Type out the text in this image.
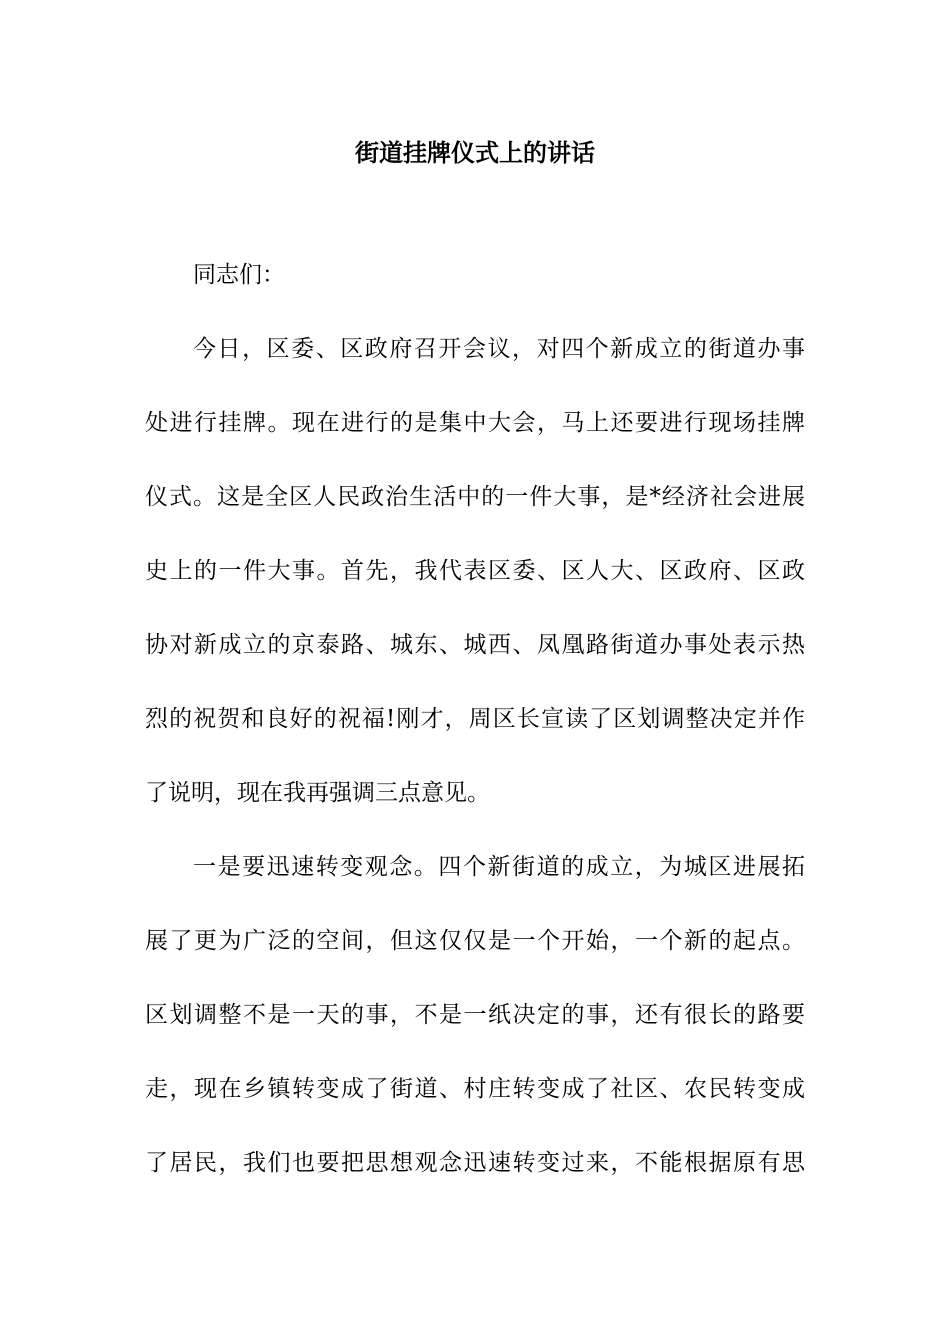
街道挂牌仪式上的讲话
同志们：
今日，区委、区政府召开会议，对四个新成立的街道办事
处进行挂牌。现在进行的是集中大会，马上还要进行现场挂牌
仪式。这是全区人民政治生活中的一件大事，是*经济社会进展
史上的一件大事。首先，我代表区委、区人大、区政府、区政
协对新成立的京泰路、城东、城西、凤凰路街道办事处表示热
烈的祝贺和良好的祝福!刚才，周区长宣读了区划调整决定并作
了说明，现在我再强调三点意见。
一是要迅速转变观念。四个新街道的成立，为城区进展拓
展了更为广泛的空间，但这仅仅是一个开始，一个新的起点。
区划调整不是一天的事，不是一纸决定的事，还有很长的路要
走，现在乡镇转变成了街道、村庄转变成了社区、农民转变成
了居民，我们也要把思想观念迅速转变过来，不能根据原有思
